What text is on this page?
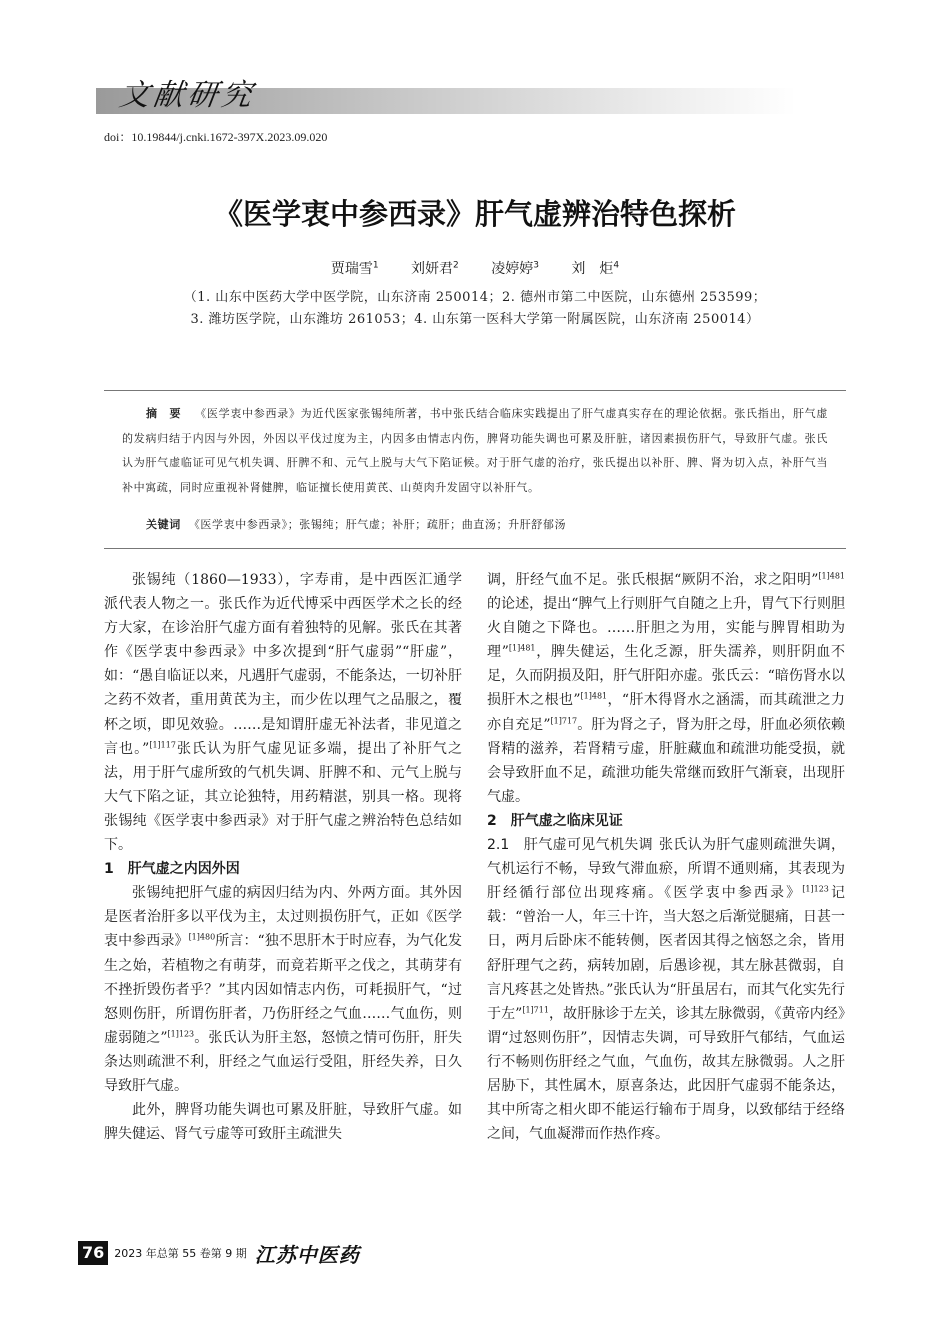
文献研究
doi：10.19844/j.cnki.1672-397X.2023.09.020
《医学衷中参西录》肝气虚辨治特色探析
贾瑞雪$^1$ 刘妍君$^2$ 凌婷婷$^3$ 刘　炬$^4$
（1. 山东中医药大学中医学院，山东济南 250014；2. 德州市第二中医院，山东德州 253599；
3. 潍坊医学院，山东潍坊 261053；4. 山东第一医科大学第一附属医院，山东济南 250014）
摘　要 《医学衷中参西录》为近代医家张锡纯所著，书中张氏结合临床实践提出了肝气虚真实存在的理论依据。张氏指出，肝气虚的发病归结于内因与外因，外因以平伐过度为主，内因多由情志内伤，脾肾功能失调也可累及肝脏，诸因素损伤肝气，导致肝气虚。张氏认为肝气虚临证可见气机失调、肝脾不和、元气上脱与大气下陷证候。对于肝气虚的治疗，张氏提出以补肝、脾、肾为切入点，补肝气当补中寓疏，同时应重视补肾健脾，临证擅长使用黄芪、山萸肉升发固守以补肝气。
关键词 《医学衷中参西录》；张锡纯；肝气虚；补肝；疏肝；曲直汤；升肝舒郁汤

张锡纯（1860—1933），字寿甫，是中西医汇通学派代表人物之一。张氏作为近代博采中西医学术之长的经方大家，在诊治肝气虚方面有着独特的见解。张氏在其著作《医学衷中参西录》中多次提到“肝气虚弱”“肝虚”，如：“愚自临证以来，凡遇肝气虚弱，不能条达，一切补肝之药不效者，重用黄芪为主，而少佐以理气之品服之，覆杯之顷，即见效验。……是知谓肝虚无补法者，非见道之言也。”$^{[1]117}$张氏认为肝气虚见证多端，提出了补肝气之法，用于肝气虚所致的气机失调、肝脾不和、元气上脱与大气下陷之证，其立论独特，用药精湛，别具一格。现将张锡纯《医学衷中参西录》对于肝气虚之辨治特色总结如下。

1　肝气虚之内因外因

张锡纯把肝气虚的病因归结为内、外两方面。其外因是医者治肝多以平伐为主，太过则损伤肝气，正如《医学衷中参西录》$^{[1]480}$所言：“独不思肝木于时应春，为气化发生之始，若植物之有萌芽，而竟若斯平之伐之，其萌芽有不挫折毁伤者乎？”其内因如情志内伤，可耗损肝气，“过怒则伤肝，所谓伤肝者，乃伤肝经之气血……气血伤，则虚弱随之”$^{[1]123}$。张氏认为肝主怒，怒愤之情可伤肝，肝失条达则疏泄不利，肝经之气血运行受阻，肝经失养，日久导致肝气虚。

此外，脾肾功能失调也可累及肝脏，导致肝气虚。如脾失健运、肾气亏虚等可致肝主疏泄失

调，肝经气血不足。张氏根据“厥阴不治，求之阳明”$^{[1]481}$的论述，提出“脾气上行则肝气自随之上升，胃气下行则胆火自随之下降也。……肝胆之为用，实能与脾胃相助为理”$^{[1]481}$，脾失健运，生化乏源，肝失濡养，则肝阴血不足，久而阴损及阳，肝气肝阳亦虚。张氏云：“暗伤肾水以损肝木之根也”$^{[1]481}$，“肝木得肾水之涵濡，而其疏泄之力亦自充足”$^{[1]717}$。肝为肾之子，肾为肝之母，肝血必须依赖肾精的滋养，若肾精亏虚，肝脏藏血和疏泄功能受损，就会导致肝血不足，疏泄功能失常继而致肝气渐衰，出现肝气虚。

2　肝气虚之临床见证

2.1　肝气虚可见气机失调 张氏认为肝气虚则疏泄失调，气机运行不畅，导致气滞血瘀，所谓不通则痛，其表现为肝经循行部位出现疼痛。《医学衷中参西录》$^{[1]123}$记载：“曾治一人，年三十许，当大怒之后渐觉腿痛，日甚一日，两月后卧床不能转侧，医者因其得之恼怒之余，皆用舒肝理气之药，病转加剧，后愚诊视，其左脉甚微弱，自言凡疼甚之处皆热。”张氏认为“肝虽居右，而其气化实先行于左”$^{[1]711}$，故肝脉诊于左关，诊其左脉微弱，《黄帝内经》谓“过怒则伤肝”，因情志失调，可导致肝气郁结，气血运行不畅则伤肝经之气血，气血伤，故其左脉微弱。人之肝居胁下，其性属木，原喜条达，此因肝气虚弱不能条达，其中所寄之相火即不能运行输布于周身，以致郁结于经络之间，气血凝滞而作热作疼。

76 2023 年总第 55 卷第 9 期 江苏中医药
